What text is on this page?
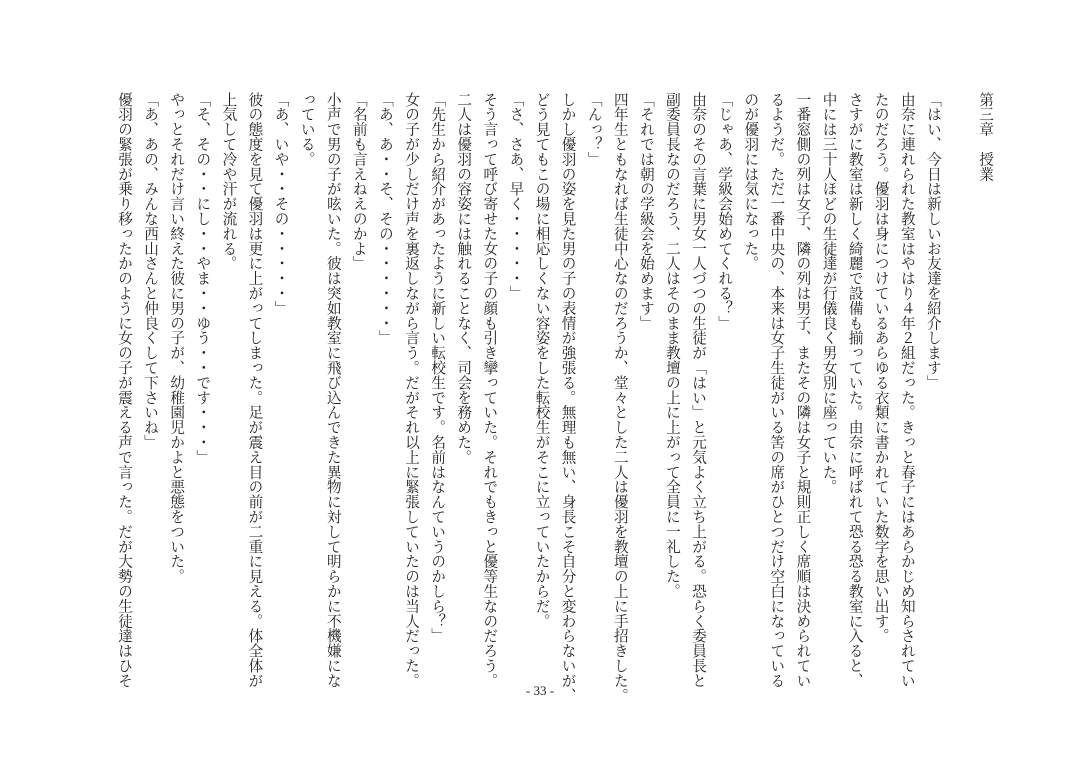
第三章　授業
「はい、今日は新しいお友達を紹介します」
由奈に連れられた教室はやはり４年２組だった。きっと春子にはあらかじめ知らされてい
たのだろう。優羽は身につけているあらゆる衣類に書かれていた数字を思い出す。
さすがに教室は新しく綺麗で設備も揃っていた。由奈に呼ばれて恐る恐る教室に入ると、
中には三十人ほどの生徒達が行儀良く男女別に座っていた。
一番窓側の列は女子、隣の列は男子、またその隣は女子と規則正しく席順は決められてい
るようだ。ただ一番中央の、本来は女子生徒がいる筈の席がひとつだけ空白になっている
のが優羽には気になった。
「じゃあ、学級会始めてくれる？」
由奈のその言葉に男女一人づつの生徒が「はい」と元気よく立ち上がる。恐らく委員長と
副委員長なのだろう、二人はそのまま教壇の上に上がって全員に一礼した。
「それでは朝の学級会を始めます」
四年生ともなれば生徒中心なのだろうか、堂々とした二人は優羽を教壇の上に手招きした。
「んっ？」
しかし優羽の姿を見た男の子の表情が強張る。無理も無い、身長こそ自分と変わらないが、
どう見てもこの場に相応しくない容姿をした転校生がそこに立っていたからだ。
「さ、さあ、早く・・・・・」
そう言って呼び寄せた女の子の顔も引き攣っていた。それでもきっと優等生なのだろう。
二人は優羽の容姿には触れることなく、司会を務めた。
「先生から紹介があったように新しい転校生です。名前はなんていうのかしら？」
女の子が少しだけ声を裏返しながら言う。だがそれ以上に緊張していたのは当人だった。
「あ、あ・・そ、その・・・・・・」
「名前も言えねえのかよ」
小声で男の子が呟いた。彼は突如教室に飛び込んできた異物に対して明らかに不機嫌にな
っている。
「あ、いや・・その・・・・・」
彼の態度を見て優羽は更に上がってしまった。足が震え目の前が二重に見える。体全体が
上気して冷や汗が流れる。
「そ、その・・にし・・やま・・ゆう・・です・・・」
やっとそれだけ言い終えた彼に男の子が、幼稚園児かよと悪態をついた。
「あ、あの、みんな西山さんと仲良くして下さいね」
優羽の緊張が乗り移ったかのように女の子が震える声で言った。だが大勢の生徒達はひそ
- 33 -
